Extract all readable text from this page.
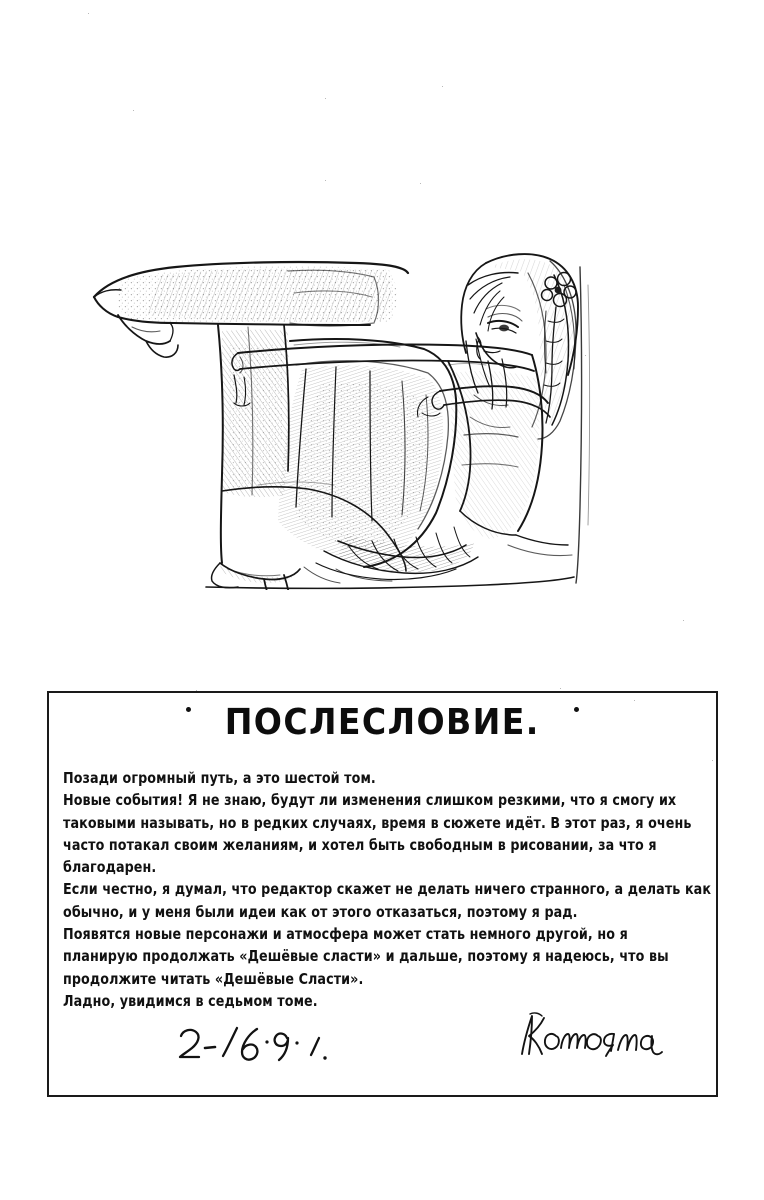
ПОСЛЕСЛОВИЕ.
Позади огромный путь, а это шестой том.
Новые события! Я не знаю, будут ли изменения слишком резкими, что я смогу их
таковыми называть, но в редких случаях, время в сюжете идёт. В этот раз, я очень
часто потакал своим желаниям, и хотел быть свободным в рисовании, за что я
благодарен.
Если честно, я думал, что редактор скажет не делать ничего странного, а делать как
обычно, и у меня были идеи как от этого отказаться, поэтому я рад.
Появятся новые персонажи и атмосфера может стать немного другой, но я
планирую продолжать «Дешёвые сласти» и дальше, поэтому я надеюсь, что вы
продолжите читать «Дешёвые Сласти».
Ладно, увидимся в седьмом томе.
